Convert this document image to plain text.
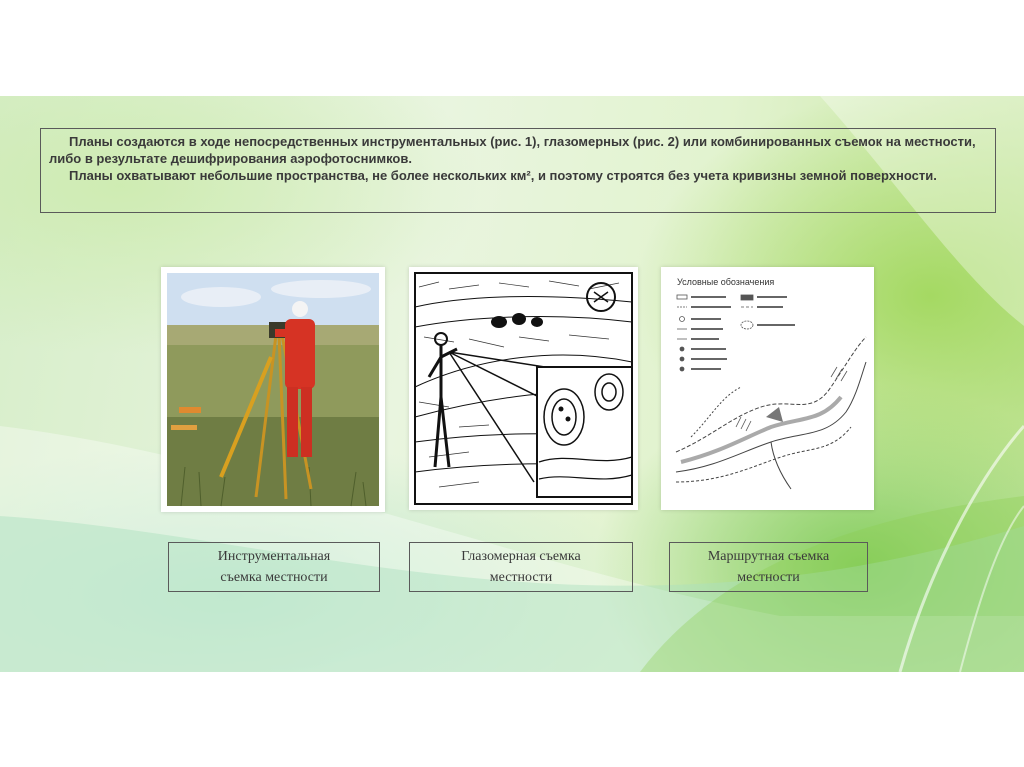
Планы создаются в ходе непосредственных инструментальных (рис. 1), глазомерных (рис. 2) или комбинированных съемок на местности, либо в результате дешифрирования аэрофотоснимков.

Планы охватывают небольшие пространства, не более нескольких км², и поэтому строятся без учета кривизны земной поверхности.

Условные обозначения
Инструментальная
съемка местности
Глазомерная съемка
местности
Маршрутная съемка
местности
